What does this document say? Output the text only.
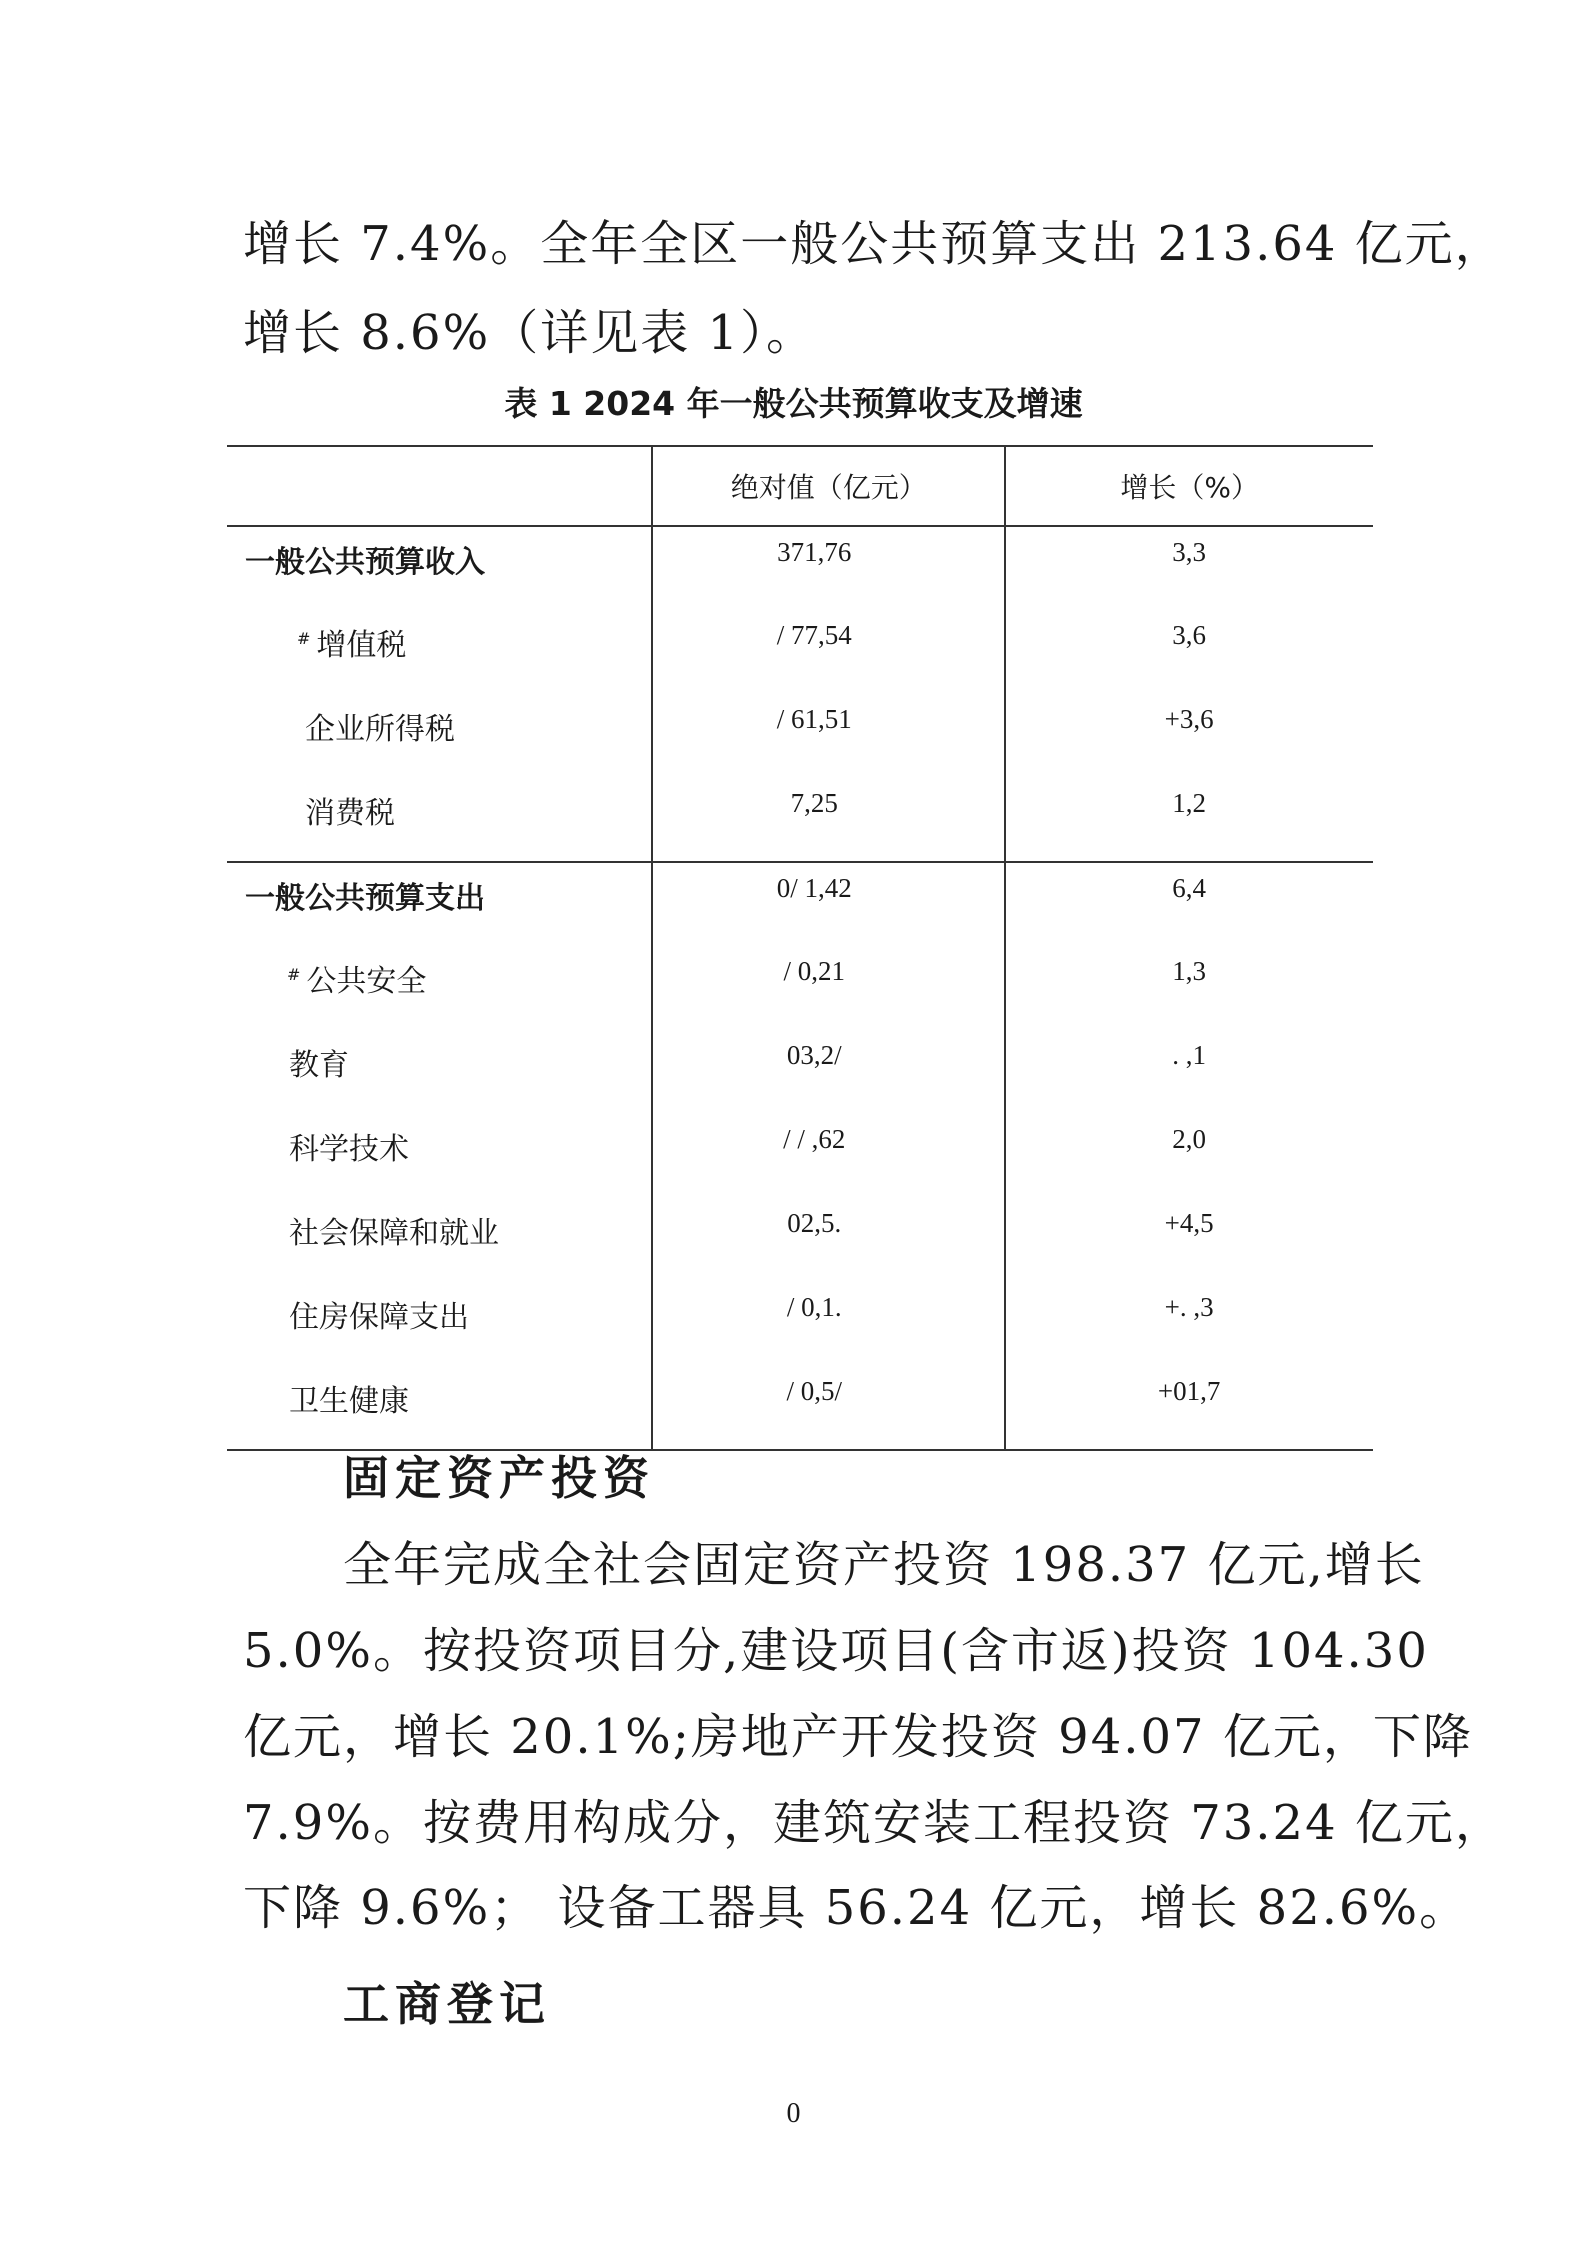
增长 7.4%。全年全区一般公共预算支出 213.64 亿元，
增长 8.6%（详见表 1）。
表 1 2024 年一般公共预算收支及增速
	绝对值（亿元）	增长（%）
一般公共预算收入	371,76	3,3
# 增值税	/ 77,54	3,6
企业所得税	/ 61,51	+3,6
消费税	7,25	1,2
一般公共预算支出	0/ 1,42	6,4
# 公共安全	/ 0,21	1,3
教育	03,2/	. ,1
科学技术	/ / ,62	2,0
社会保障和就业	02,5.	+4,5
住房保障支出	/ 0,1.	+. ,3
卫生健康	/ 0,5/	+01,7
固定资产投资
全年完成全社会固定资产投资 198.37 亿元,增长
5.0%。按投资项目分,建设项目(含市返)投资 104.30
亿元，增长 20.1%;房地产开发投资 94.07 亿元，下降
7.9%。按费用构成分，建筑安装工程投资 73.24 亿元，
下降 9.6%； 设备工器具 56.24 亿元，增长 82.6%。
工商登记
0
